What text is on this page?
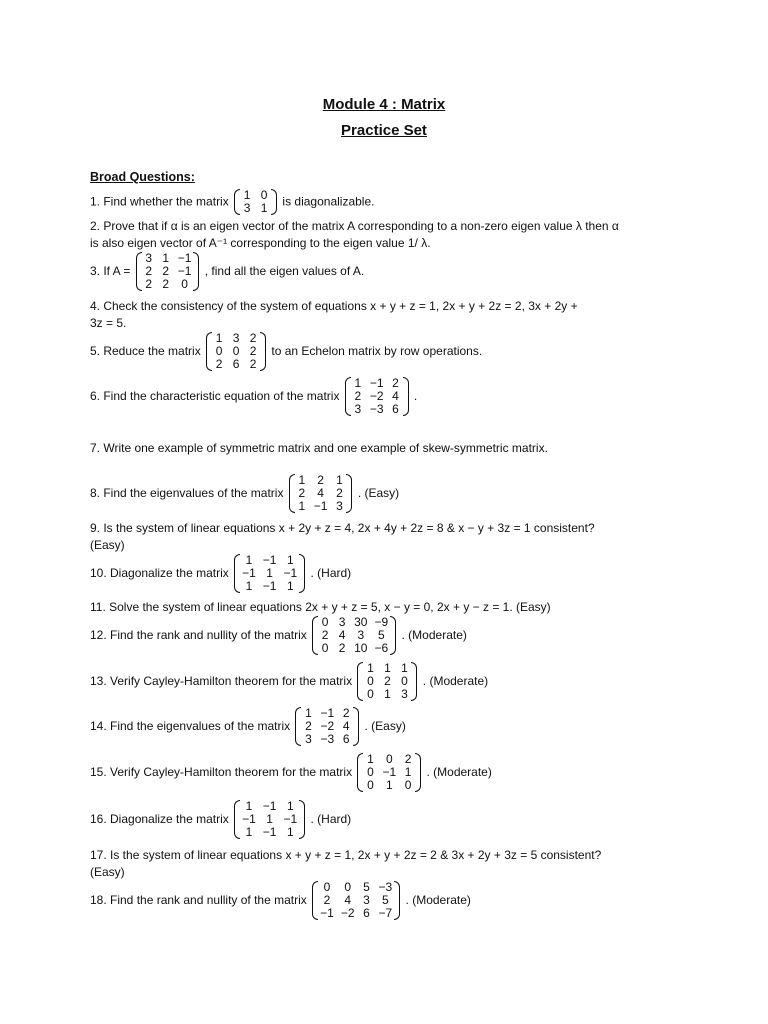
Module 4 : Matrix
Practice Set
Broad Questions:
1. Find whether the matrix 1 0
3 1 is diagonalizable.
2. Prove that if α is an eigen vector of the matrix A corresponding to a non-zero eigen value λ then α
is also eigen vector of A⁻¹ corresponding to the eigen value 1/ λ.
3. If A =
3 1 −1
2 2 −1
2 2 0
, find all the eigen values of A.
4. Check the consistency of the system of equations x + y + z = 1, 2x + y + 2z = 2, 3x + 2y +
3z = 5.
5. Reduce the matrix
1 3 2
0 0 2
2 6 2
to an Echelon matrix by row operations.
6. Find the characteristic equation of the matrix
1 −1 2
2 −2 4
3 −3 6
.
7. Write one example of symmetric matrix and one example of skew-symmetric matrix.
8. Find the eigenvalues of the matrix
1 2 1
2 4 2
1 −1 3
. (Easy)
9. Is the system of linear equations x + 2y + z = 4, 2x + 4y + 2z = 8 & x − y + 3z = 1 consistent?
(Easy)
10. Diagonalize the matrix
1 −1 1
−1 1 −1
1 −1 1
. (Hard)
11. Solve the system of linear equations 2x + y + z = 5, x − y = 0, 2x + y − z = 1. (Easy)
12. Find the rank and nullity of the matrix
0 3 30 −9
2 4 3 5
0 2 10 −6
. (Moderate)
13. Verify Cayley-Hamilton theorem for the matrix
1 1 1
0 2 0
0 1 3
. (Moderate)
14. Find the eigenvalues of the matrix
1 −1 2
2 −2 4
3 −3 6
. (Easy)
15. Verify Cayley-Hamilton theorem for the matrix
1 0 2
0 −1 1
0 1 0
. (Moderate)
16. Diagonalize the matrix
1 −1 1
−1 1 −1
1 −1 1
. (Hard)
17. Is the system of linear equations x + y + z = 1, 2x + y + 2z = 2 & 3x + 2y + 3z = 5 consistent?
(Easy)
18. Find the rank and nullity of the matrix
0 0 5 −3
2 4 3 5
−1 −2 6 −7
. (Moderate)
